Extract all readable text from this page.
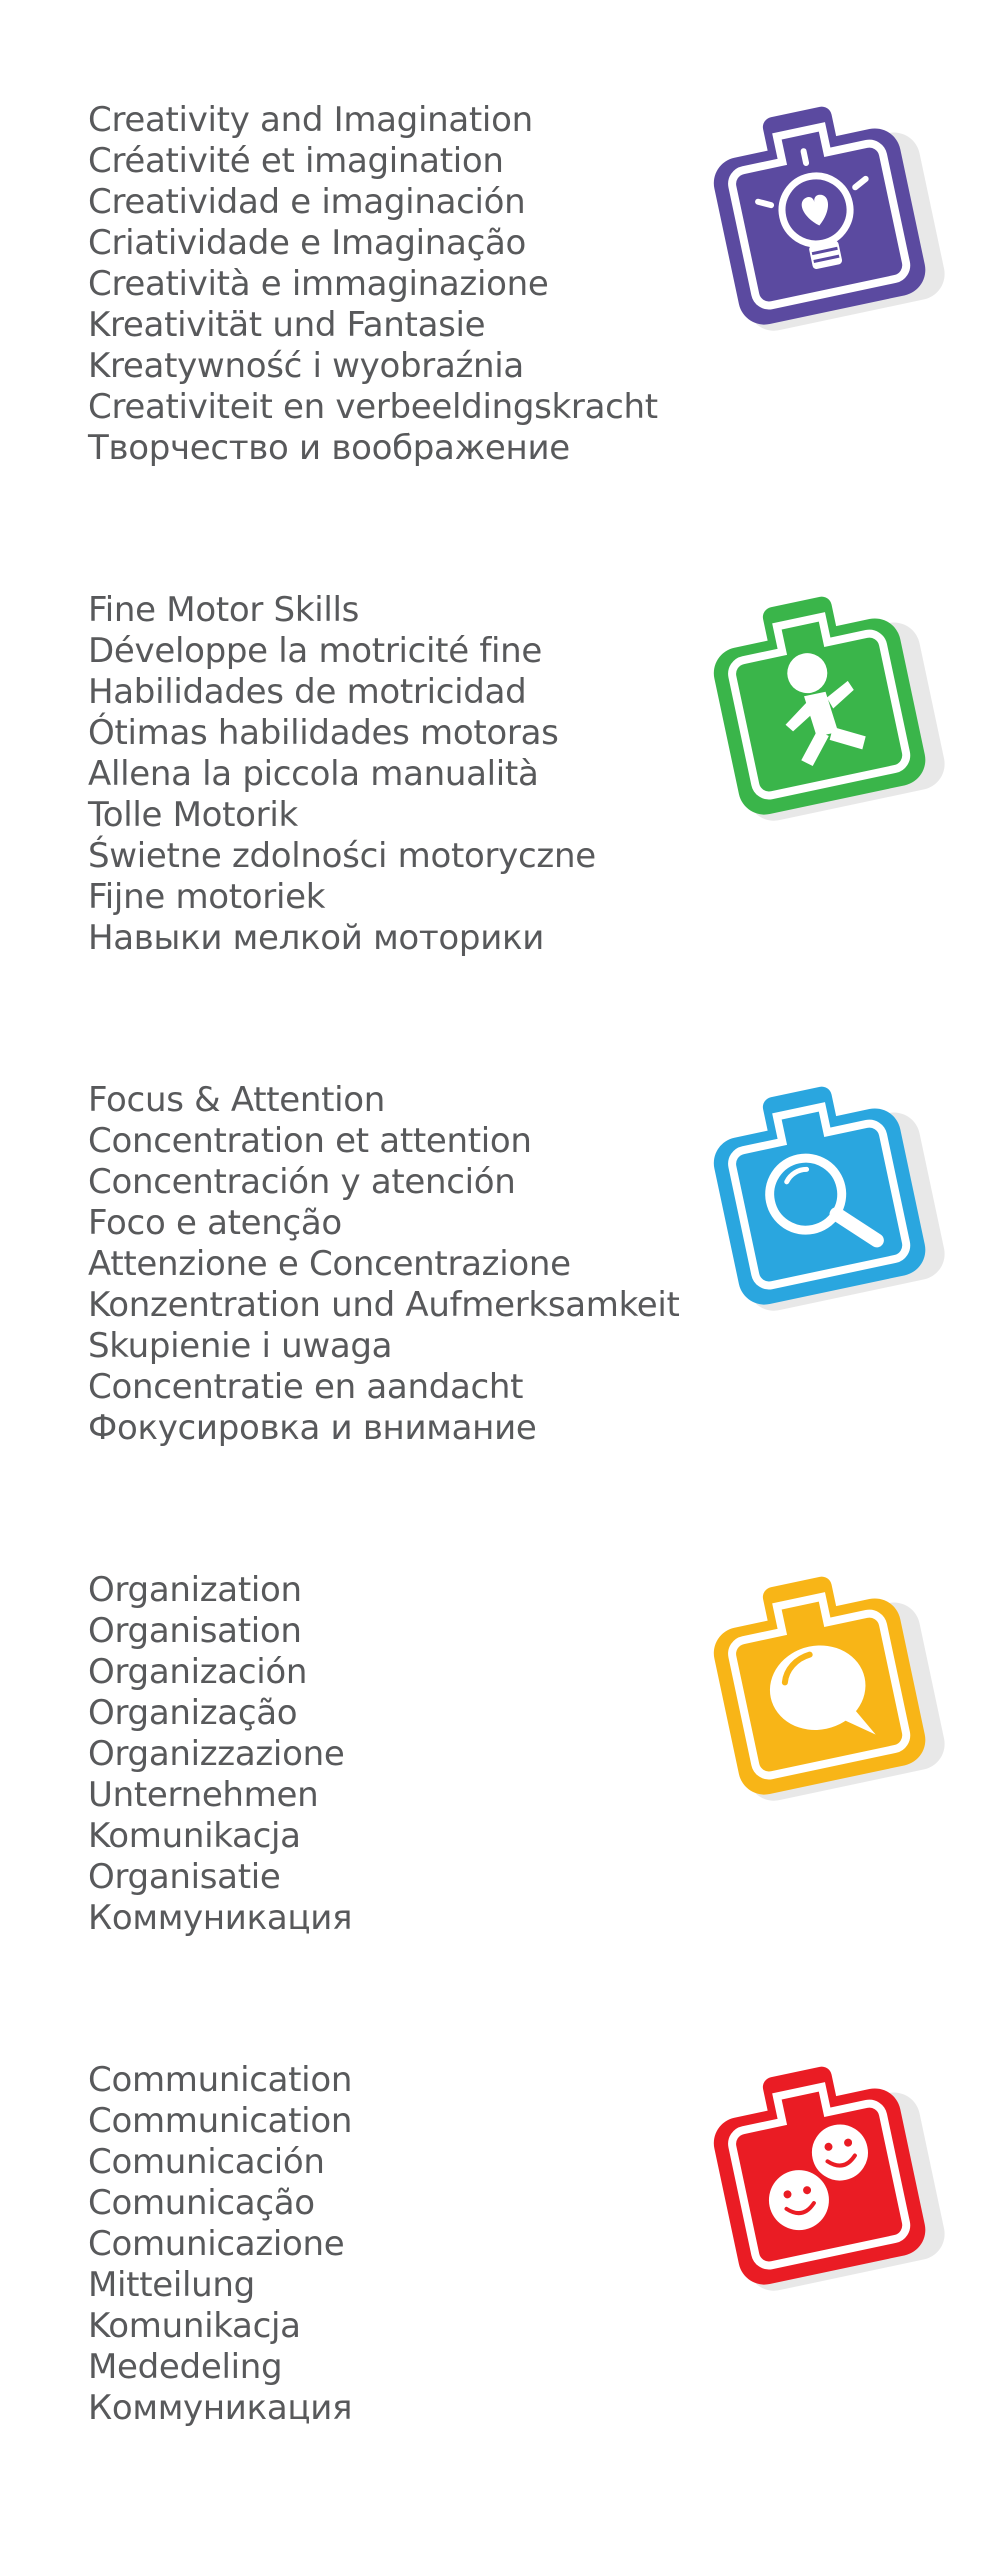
Creativity and Imagination
Créativité et imagination
Creatividad e imaginación
Criatividade e Imaginação
Creatività e immaginazione
Kreativität und Fantasie
Kreatywność i wyobraźnia
Creativiteit en verbeeldingskracht
Творчество и воображение
Fine Motor Skills
Développe la motricité fine
Habilidades de motricidad
Ótimas habilidades motoras
Allena la piccola manualità
Tolle Motorik
Świetne zdolności motoryczne
Fijne motoriek
Навыки мелкой моторики
Focus & Attention
Concentration et attention
Concentración y atención
Foco e atenção
Attenzione e Concentrazione
Konzentration und Aufmerksamkeit
Skupienie i uwaga
Concentratie en aandacht
Фокусировка и внимание
Organization
Organisation
Organización
Organização
Organizzazione
Unternehmen
Komunikacja
Organisatie
Коммуникация
Communication
Communication
Comunicación
Comunicação
Comunicazione
Mitteilung
Komunikacja
Mededeling
Коммуникация
